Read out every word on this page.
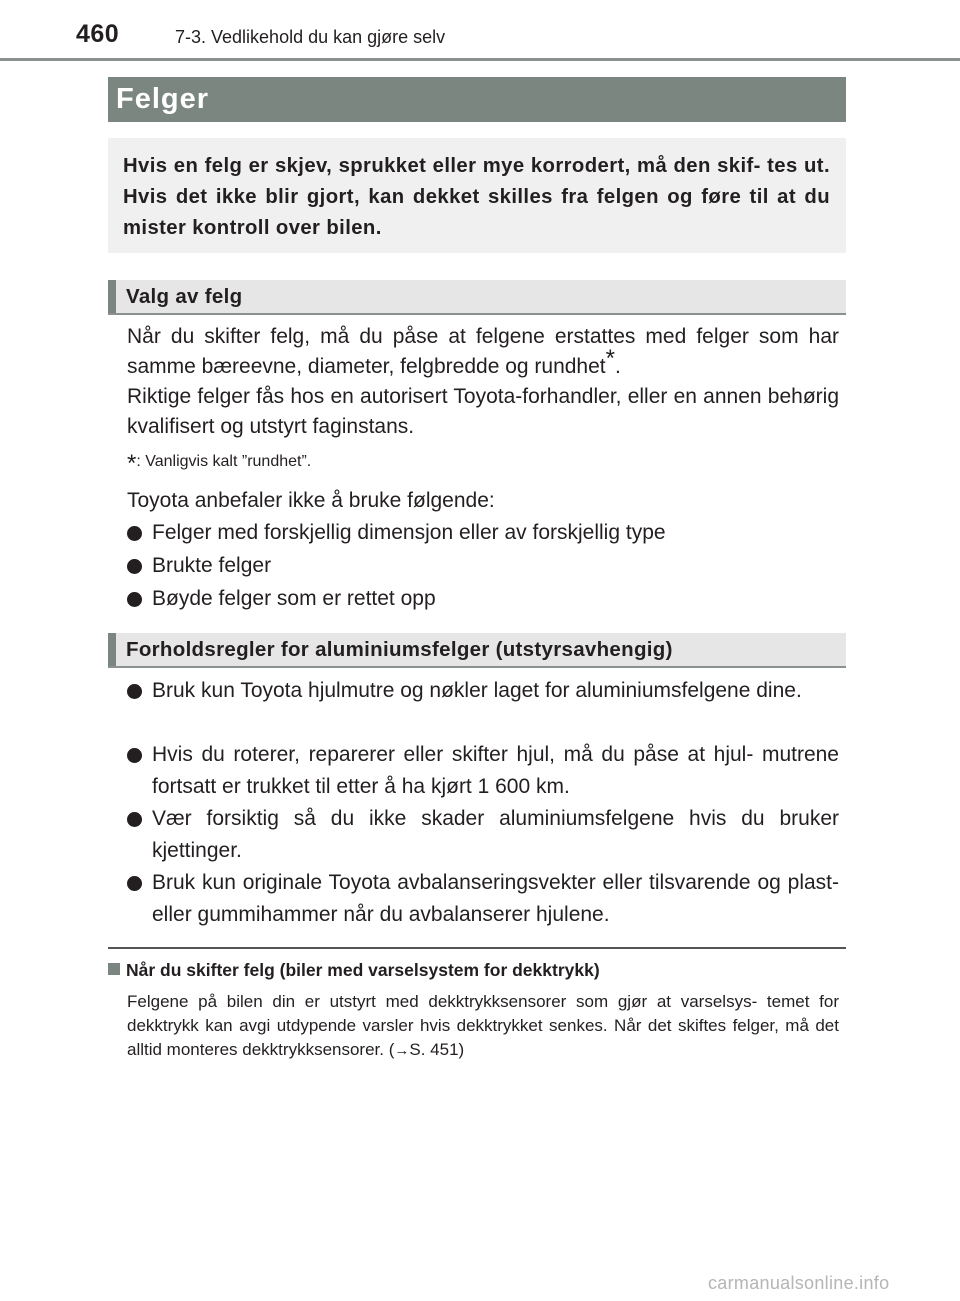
460	7-3. Vedlikehold du kan gjøre selv
Felger
Hvis en felg er skjev, sprukket eller mye korrodert, må den skif- tes ut. Hvis det ikke blir gjort, kan dekket skilles fra felgen og føre til at du mister kontroll over bilen.
Valg av felg
Når du skifter felg, må du påse at felgene erstattes med felger som har samme bæreevne, diameter, felgbredde og rundhet*.
Riktige felger fås hos en autorisert Toyota-forhandler, eller en annen behørig kvalifisert og utstyrt faginstans.
*: Vanligvis kalt ”rundhet”.
Toyota anbefaler ikke å bruke følgende:
Felger med forskjellig dimensjon eller av forskjellig type
Brukte felger
Bøyde felger som er rettet opp
Forholdsregler for aluminiumsfelger (utstyrsavhengig)
Bruk kun Toyota hjulmutre og nøkler laget for aluminiumsfelgene dine.
Hvis du roterer, reparerer eller skifter hjul, må du påse at hjul- mutrene fortsatt er trukket til etter å ha kjørt 1 600 km.
Vær forsiktig så du ikke skader aluminiumsfelgene hvis du bruker kjettinger.
Bruk kun originale Toyota avbalanseringsvekter eller tilsvarende og plast- eller gummihammer når du avbalanserer hjulene.
Når du skifter felg (biler med varselsystem for dekktrykk)
Felgene på bilen din er utstyrt med dekktrykksensorer som gjør at varselsys- temet for dekktrykk kan avgi utdypende varsler hvis dekktrykket senkes. Når det skiftes felger, må det alltid monteres dekktrykksensorer. (→S. 451)
carmanualsonline.info
